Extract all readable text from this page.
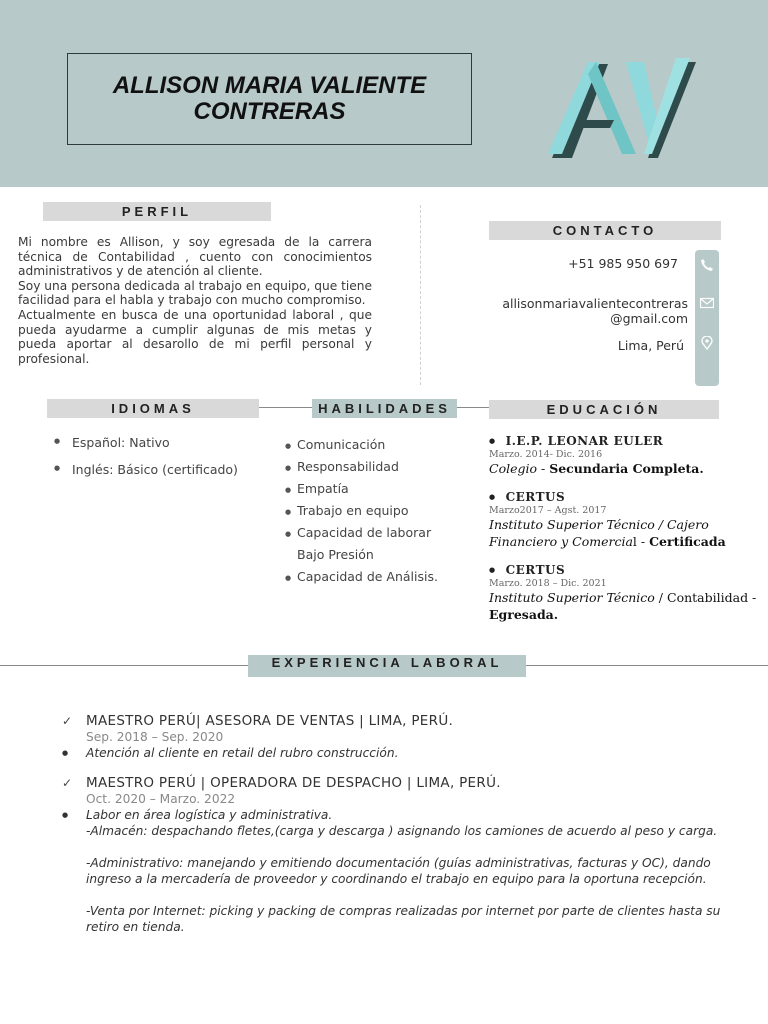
ALLISON MARIA VALIENTE
CONTRERAS
PERFIL

Mi nombre es Allison, y soy egresada de la carrera técnica de Contabilidad , cuento con conocimientos administrativos y de atención al cliente.

Soy una persona dedicada al trabajo en equipo, que tiene facilidad para el habla y trabajo con mucho compromiso.

Actualmente en busca de una oportunidad laboral , que pueda ayudarme a cumplir algunas de mis metas y pueda aportar al desarollo de mi perfil personal y profesional.

CONTACTO
+51 985 950 697
allisonmariavalientecontreras
@gmail.com
Lima, Perú
IDIOMAS	HABILIDADES	EDUCACIÓN
● Español: Nativo
● Inglés: Básico (certificado)
● Comunicación
● Responsabilidad
● Empatía
● Trabajo en equipo
● Capacidad de laborar
Bajo Presión
● Capacidad de Análisis.
● I.E.P. LEONAR EULER
Marzo. 2014- Dic. 2016
Colegio - Secundaria Completa.
● CERTUS
Marzo2017 – Agst. 2017
Instituto Superior Técnico / Cajero Financiero y Comercial - Certificada
● CERTUS
Marzo. 2018 – Dic. 2021
Instituto Superior Técnico / Contabilidad - Egresada.
EXPERIENCIA LABORAL
✓ MAESTRO PERÚ| ASESORA DE VENTAS | LIMA, PERÚ.
Sep. 2018 – Sep. 2020
● Atención al cliente en retail del rubro construcción.

✓ MAESTRO PERÚ | OPERADORA DE DESPACHO | LIMA, PERÚ.
Oct. 2020 – Marzo. 2022
● Labor en área logística y administrativa.

-Almacén: despachando fletes,(carga y descarga ) asignando los camiones de acuerdo al peso y carga.

-Administrativo: manejando y emitiendo documentación (guías administrativas, facturas y OC), dando ingreso a la mercadería de proveedor y coordinando el trabajo en equipo para la oportuna recepción.

-Venta por Internet: picking y packing de compras realizadas por internet por parte de clientes hasta su retiro en tienda.
